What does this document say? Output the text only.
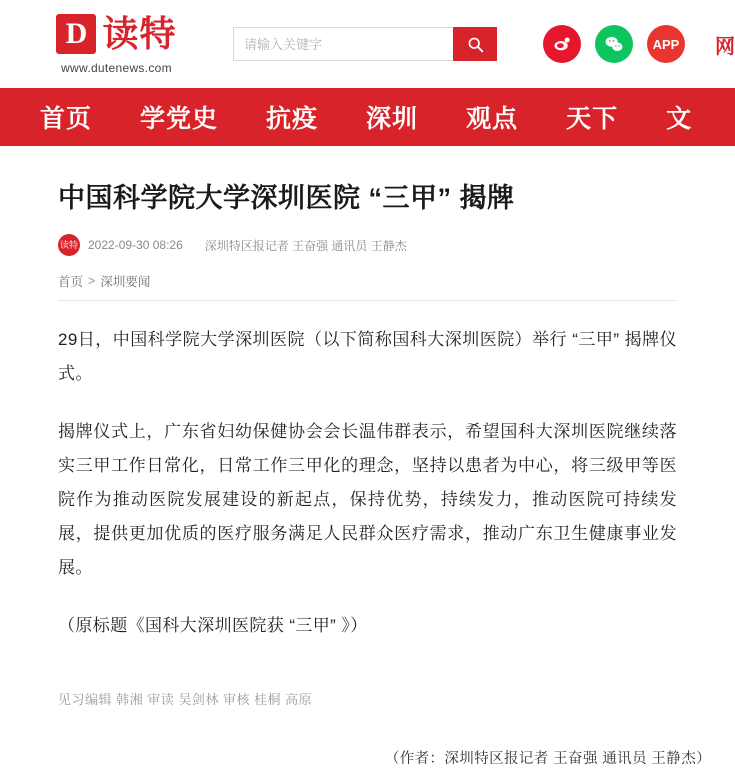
D 读特
www.dutenews.com
请输入关键字
APP 网
首页 学党史 抗疫 深圳 观点 天下 文
中国科学院大学深圳医院 “三甲” 揭牌
读特 2022-09-30 08:26 深圳特区报记者 王奋强 通讯员 王静杰
首页 > 深圳要闻
29日，中国科学院大学深圳医院（以下简称国科大深圳医院）举行 “三甲” 揭牌仪式。
揭牌仪式上，广东省妇幼保健协会会长温伟群表示，希望国科大深圳医院继续落实三甲工作日常化，日常工作三甲化的理念，坚持以患者为中心，将三级甲等医院作为推动医院发展建设的新起点，保持优势，持续发力，推动医院可持续发展，提供更加优质的医疗服务满足人民群众医疗需求，推动广东卫生健康事业发展。
（原标题《国科大深圳医院获 “三甲” 》）
见习编辑 韩湘 审读 吴剑林 审核 桂桐 高原
（作者：深圳特区报记者 王奋强 通讯员 王静杰）
